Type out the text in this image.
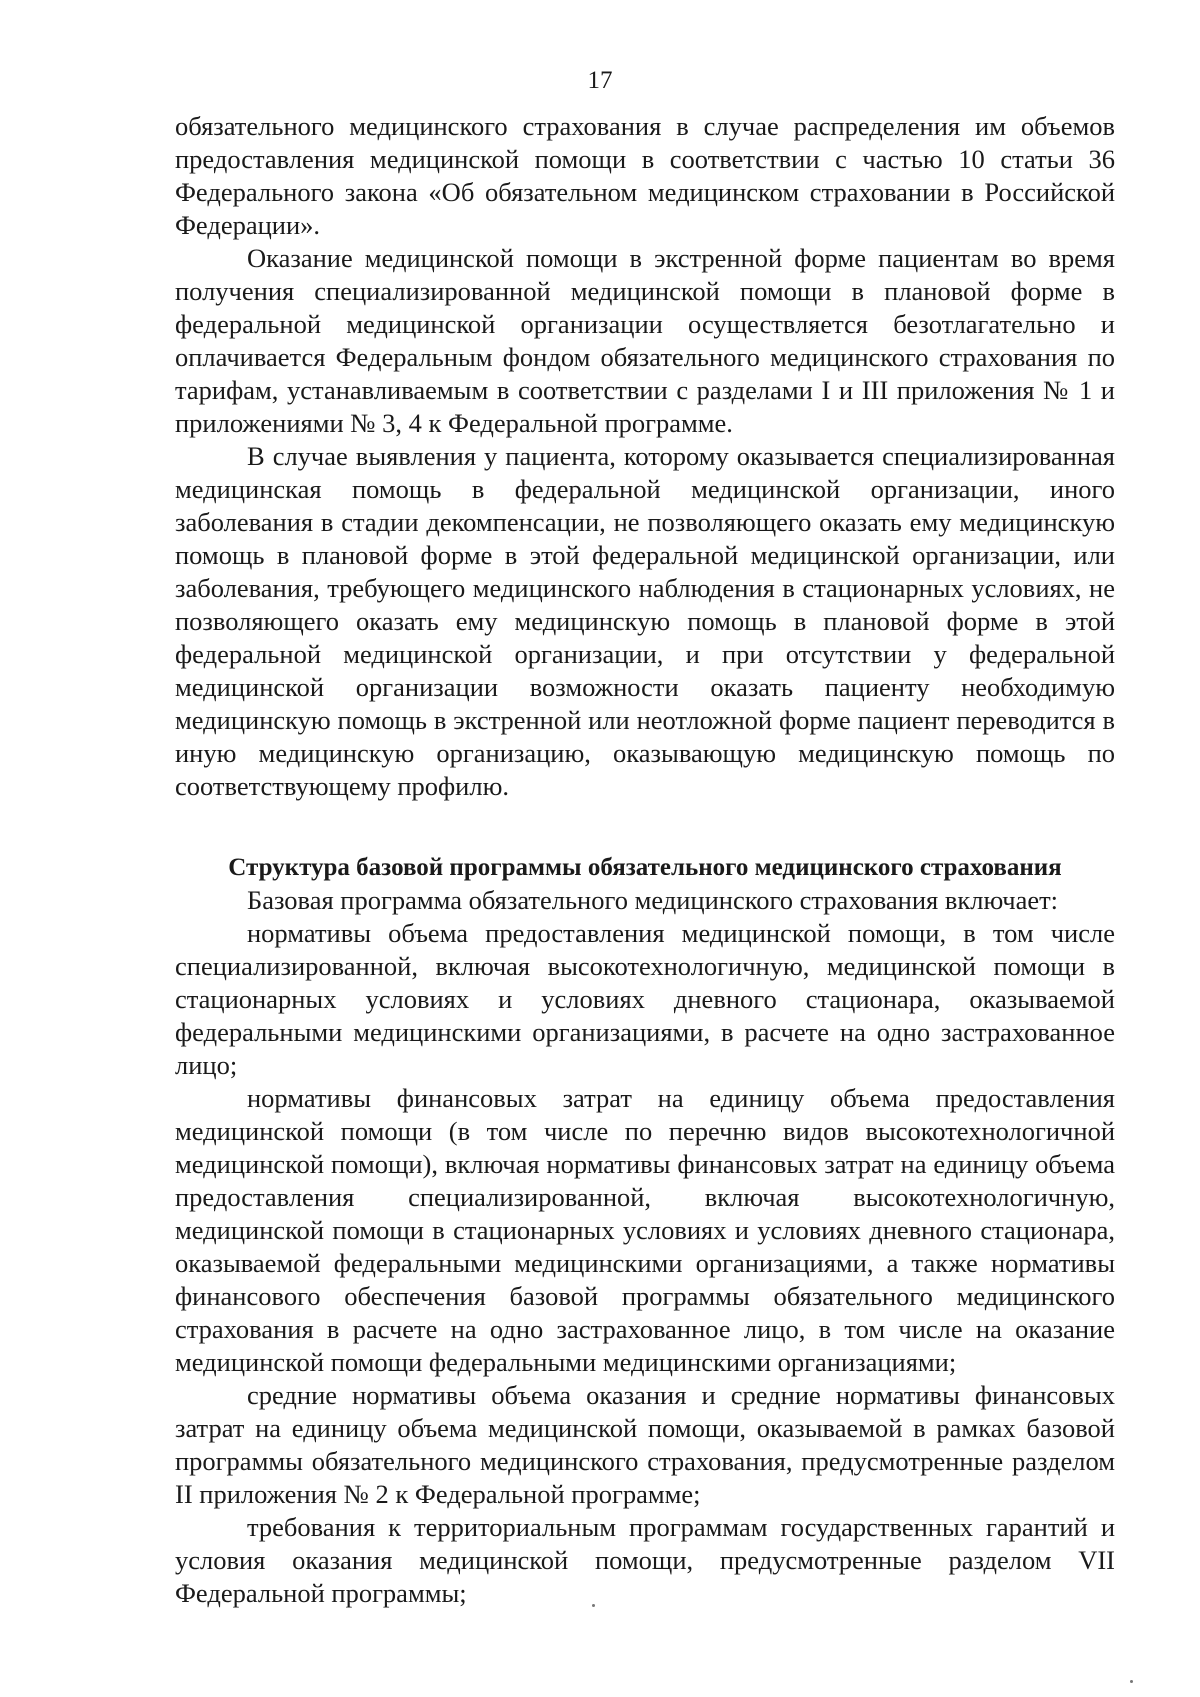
17

обязательного медицинского страхования в случае распределения им объемов предоставления медицинской помощи в соответствии с частью 10 статьи 36 Федерального закона «Об обязательном медицинском страховании в Российской Федерации».

Оказание медицинской помощи в экстренной форме пациентам во время получения специализированной медицинской помощи в плановой форме в федеральной медицинской организации осуществляется безотлагательно и оплачивается Федеральным фондом обязательного медицинского страхования по тарифам, устанавливаемым в соответствии с разделами I и III приложения № 1 и приложениями № 3, 4 к Федеральной программе.

В случае выявления у пациента, которому оказывается специализированная медицинская помощь в федеральной медицинской организации, иного заболевания в стадии декомпенсации, не позволяющего оказать ему медицинскую помощь в плановой форме в этой федеральной медицинской организации, или заболевания, требующего медицинского наблюдения в стационарных условиях, не позволяющего оказать ему медицинскую помощь в плановой форме в этой федеральной медицинской организации, и при отсутствии у федеральной медицинской организации возможности оказать пациенту необходимую медицинскую помощь в экстренной или неотложной форме пациент переводится в иную медицинскую организацию, оказывающую медицинскую помощь по соответствующему профилю.

Структура базовой программы обязательного медицинского страхования

Базовая программа обязательного медицинского страхования включает:

нормативы объема предоставления медицинской помощи, в том числе специализированной, включая высокотехнологичную, медицинской помощи в стационарных условиях и условиях дневного стационара, оказываемой федеральными медицинскими организациями, в расчете на одно застрахованное лицо;

нормативы финансовых затрат на единицу объема предоставления медицинской помощи (в том числе по перечню видов высокотехнологичной медицинской помощи), включая нормативы финансовых затрат на единицу объема предоставления специализированной, включая высокотехнологичную, медицинской помощи в стационарных условиях и условиях дневного стационара, оказываемой федеральными медицинскими организациями, а также нормативы финансового обеспечения базовой программы обязательного медицинского страхования в расчете на одно застрахованное лицо, в том числе на оказание медицинской помощи федеральными медицинскими организациями;

средние нормативы объема оказания и средние нормативы финансовых затрат на единицу объема медицинской помощи, оказываемой в рамках базовой программы обязательного медицинского страхования, предусмотренные разделом II приложения № 2 к Федеральной программе;

требования к территориальным программам государственных гарантий и условия оказания медицинской помощи, предусмотренные разделом VII Федеральной программы;
